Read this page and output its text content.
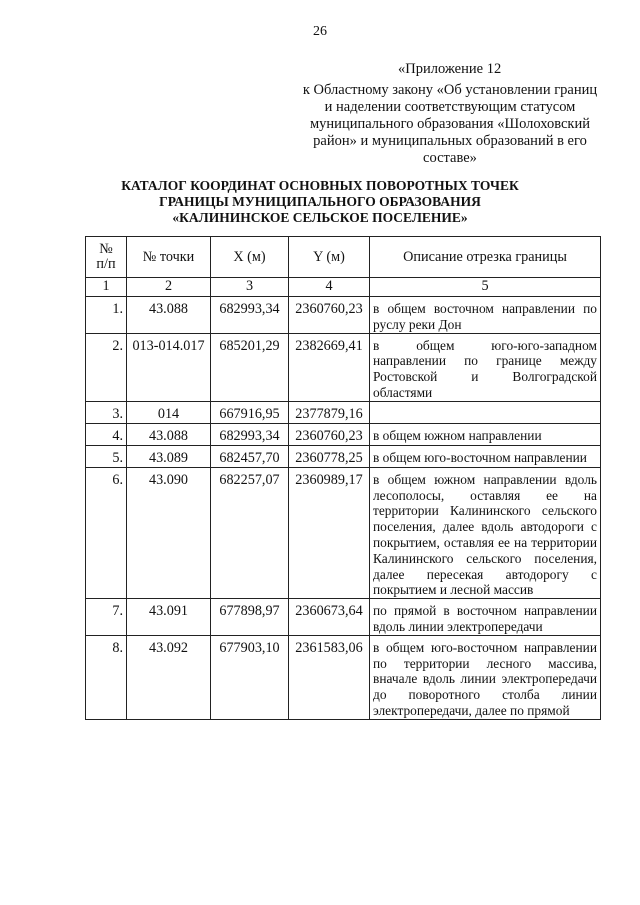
26
«Приложение 12
к Областному закону «Об установлении границ и наделении соответствующим статусом муниципального образования «Шолоховский район» и муниципальных образований в его составе»
КАТАЛОГ КООРДИНАТ ОСНОВНЫХ ПОВОРОТНЫХ ТОЧЕК
ГРАНИЦЫ МУНИЦИПАЛЬНОГО ОБРАЗОВАНИЯ
«КАЛИНИНСКОЕ СЕЛЬСКОЕ ПОСЕЛЕНИЕ»
№
п/п	№ точки	X (м)	Y (м)	Описание отрезка границы
1	2	3	4	5
1.	43.088	682993,34	2360760,23	в общем восточном направлении по руслу реки Дон
2.	013-014.017	685201,29	2382669,41	в общем юго-юго-западном направлении по границе между Ростовской и Волгоградской областями
3.	014	667916,95	2377879,16	
4.	43.088	682993,34	2360760,23	в общем южном направлении
5.	43.089	682457,70	2360778,25	в общем юго-восточном направлении
6.	43.090	682257,07	2360989,17	в общем южном направлении вдоль лесополосы, оставляя ее на территории Калининского сельского поселения, далее вдоль автодороги с покрытием, оставляя ее на территории Калининского сельского поселения, далее пересекая автодорогу с покрытием и лесной массив
7.	43.091	677898,97	2360673,64	по прямой в восточном направлении вдоль линии электропередачи
8.	43.092	677903,10	2361583,06	в общем юго-восточном направлении по территории лесного массива, вначале вдоль линии электропередачи до поворотного столба линии электропередачи, далее по прямой
